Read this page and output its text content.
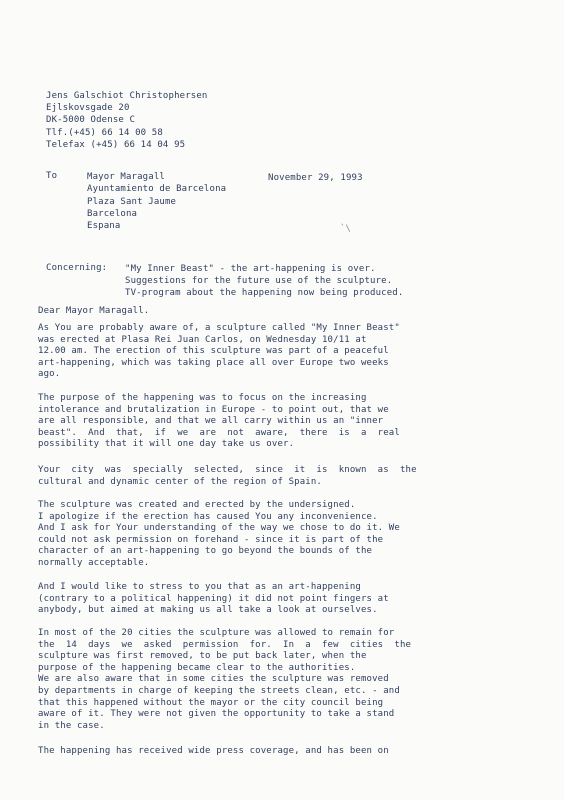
Jens Galschiot Christophersen
Ejlskovsgade 20
DK-5000 Odense C
Tlf.(+45) 66 14 00 58
Telefax (+45) 66 14 04 95
To	Mayor Maragall
Ayuntamiento de Barcelona
Plaza Sant Jaume
Barcelona
Espana
November 29, 1993
`\
Concerning: "My Inner Beast" - the art-happening is over.
Suggestions for the future use of the sculpture.
TV-program about the happening now being produced.
Dear Mayor Maragall.
As You are probably aware of, a sculpture called "My Inner Beast"
was erected at Plasa Rei Juan Carlos, on Wednesday 10/11 at
12.00 am. The erection of this sculpture was part of a peaceful
art-happening, which was taking place all over Europe two weeks
ago.
The purpose of the happening was to focus on the increasing
intolerance and brutalization in Europe - to point out, that we
are all responsible, and that we all carry within us an "inner
beast".  And  that,  if  we  are  not  aware,  there  is  a  real
possibility that it will one day take us over.
Your  city  was  specially  selected,  since  it  is  known  as  the
cultural and dynamic center of the region of Spain.
The sculpture was created and erected by the undersigned.
I apologize if the erection has caused You any inconvenience.
And I ask for Your understanding of the way we chose to do it. We
could not ask permission on forehand - since it is part of the
character of an art-happening to go beyond the bounds of the
normally acceptable.
And I would like to stress to you that as an art-happening
(contrary to a political happening) it did not point fingers at
anybody, but aimed at making us all take a look at ourselves.
In most of the 20 cities the sculpture was allowed to remain for
the  14  days  we  asked  permission  for.  In  a  few  cities  the
sculpture was first removed, to be put back later, when the
purpose of the happening became clear to the authorities.
We are also aware that in some cities the sculpture was removed
by departments in charge of keeping the streets clean, etc. - and
that this happened without the mayor or the city council being
aware of it. They were not given the opportunity to take a stand
in the case.
The happening has received wide press coverage, and has been on
